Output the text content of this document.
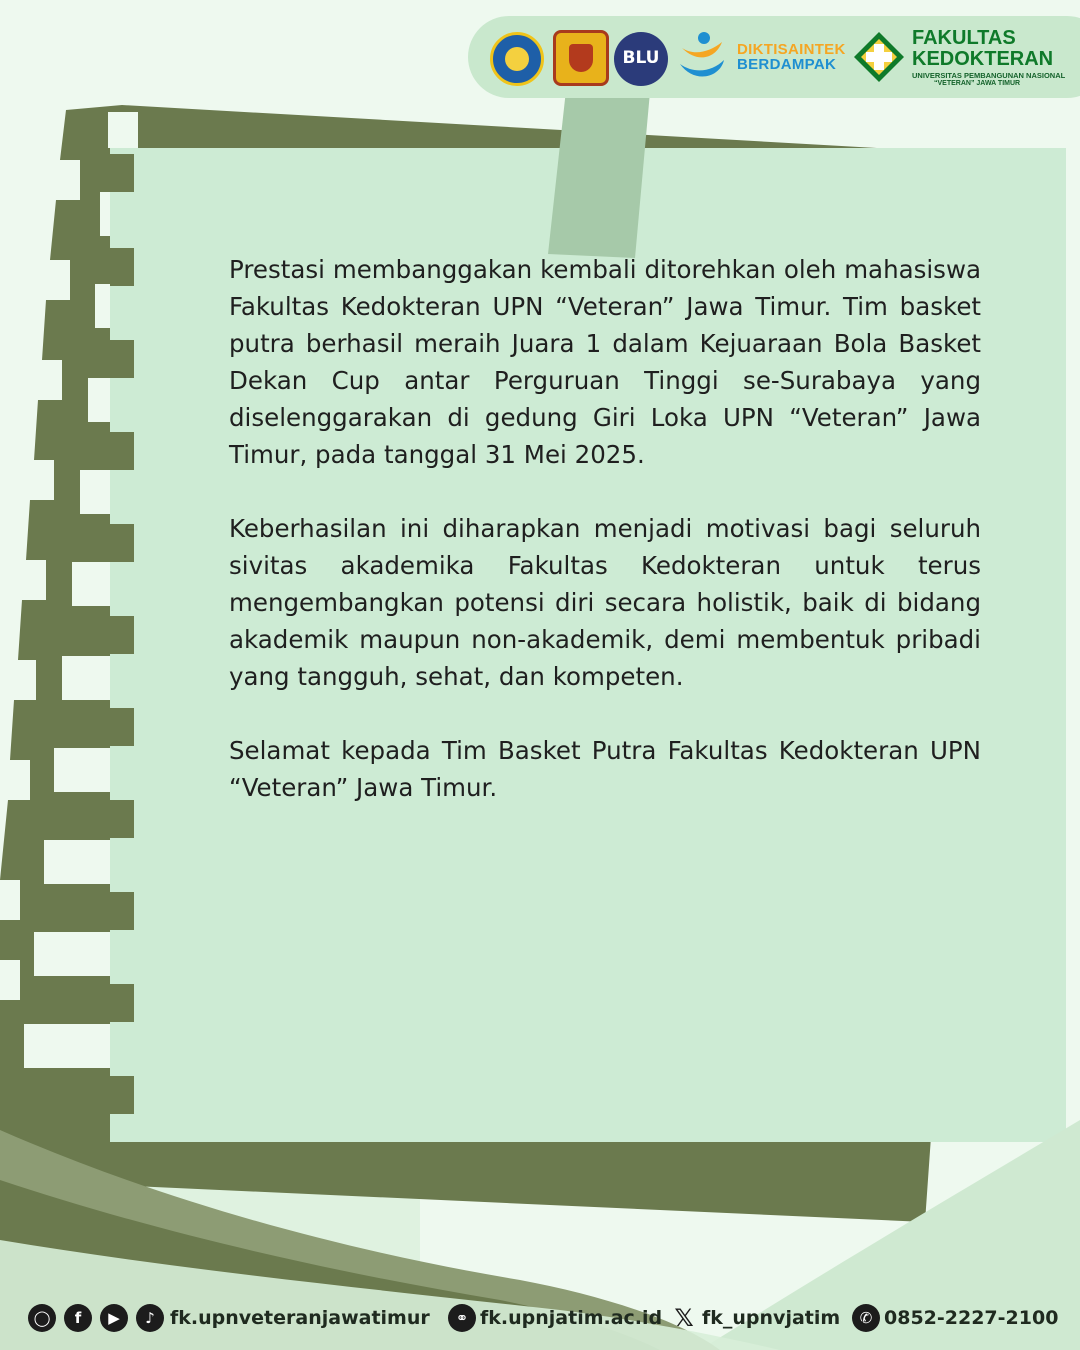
BLU	DIKTISAINTEK
BERDAMPAK
FAKULTAS
KEDOKTERAN
UNIVERSITAS PEMBANGUNAN NASIONAL
“VETERAN” JAWA TIMUR

Prestasi membanggakan kembali ditorehkan oleh mahasiswa Fakultas Kedokteran UPN “Veteran” Jawa Timur. Tim basket putra berhasil meraih Juara 1 dalam Kejuaraan Bola Basket Dekan Cup antar Perguruan Tinggi se-Surabaya yang diselenggarakan di gedung Giri Loka UPN “Veteran” Jawa Timur, pada tanggal 31 Mei 2025.

Keberhasilan ini diharapkan menjadi motivasi bagi seluruh sivitas akademika Fakultas Kedokteran untuk terus mengembangkan potensi diri secara holistik, baik di bidang akademik maupun non-akademik, demi membentuk pribadi yang tangguh, sehat, dan kompeten.

Selamat kepada Tim Basket Putra Fakultas Kedokteran UPN “Veteran” Jawa Timur.

◯	f	▶	♪ fk.upnveteranjawatimur	⚭ fk.upnjatim.ac.id 𝕏 fk_upnvjatim	✆ 0852-2227-2100
